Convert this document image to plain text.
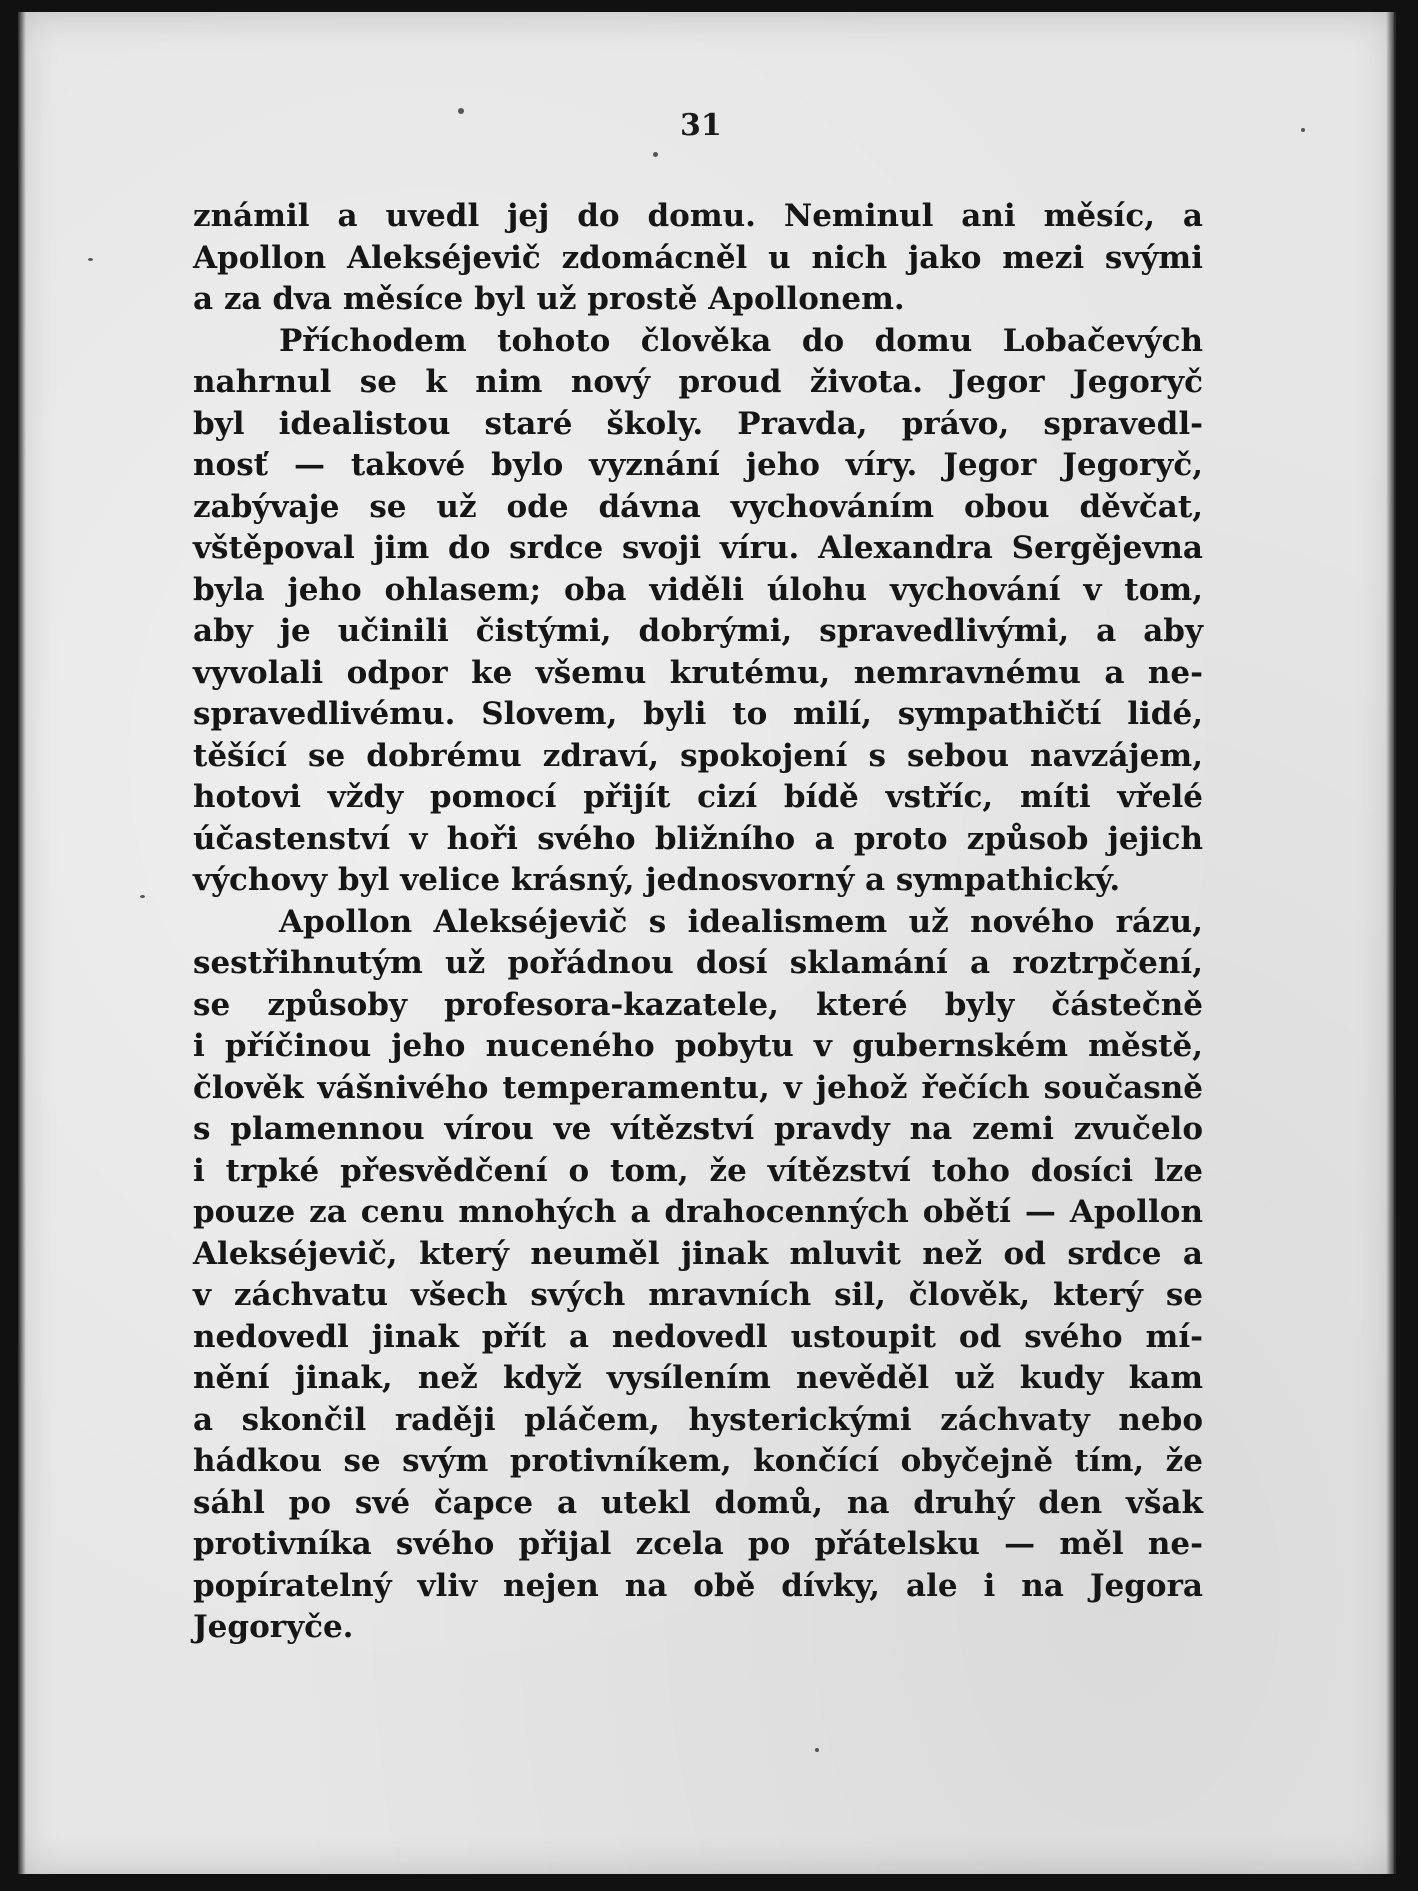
31
známil a uvedl jej do domu. Neminul ani měsíc, a
Apollon Alekséjevič zdomácněl u nich jako mezi svými
a za dva měsíce byl už prostě Apollonem.
Příchodem tohoto člověka do domu Lobačevých
nahrnul se k nim nový proud života. Jegor Jegoryč
byl idealistou staré školy. Pravda, právo, spravedl-
nosť — takové bylo vyznání jeho víry. Jegor Jegoryč,
zabývaje se už ode dávna vychováním obou děvčat,
vštěpoval jim do srdce svoji víru. Alexandra Sergějevna
byla jeho ohlasem; oba viděli úlohu vychování v tom,
aby je učinili čistými, dobrými, spravedlivými, a aby
vyvolali odpor ke všemu krutému, nemravnému a ne-
spravedlivému. Slovem, byli to milí, sympathičtí lidé,
těšící se dobrému zdraví, spokojení s sebou navzájem,
hotovi vždy pomocí přijít cizí bídě vstříc, míti vřelé
účastenství v hoři svého bližního a proto způsob jejich
výchovy byl velice krásný, jednosvorný a sympathický.
Apollon Alekséjevič s idealismem už nového rázu,
sestřihnutým už pořádnou dosí sklamání a roztrpčení,
se způsoby profesora-kazatele, které byly částečně
i příčinou jeho nuceného pobytu v gubernském městě,
člověk vášnivého temperamentu, v jehož řečích současně
s plamennou vírou ve vítězství pravdy na zemi zvučelo
i trpké přesvědčení o tom, že vítězství toho dosíci lze
pouze za cenu mnohých a drahocenných obětí — Apollon
Alekséjevič, který neuměl jinak mluvit než od srdce a
v záchvatu všech svých mravních sil, člověk, který se
nedovedl jinak přít a nedovedl ustoupit od svého mí-
nění jinak, než když vysílením nevěděl už kudy kam
a skončil raději pláčem, hysterickými záchvaty nebo
hádkou se svým protivníkem, končící obyčejně tím, že
sáhl po své čapce a utekl domů, na druhý den však
protivníka svého přijal zcela po přátelsku — měl ne-
popíratelný vliv nejen na obě dívky, ale i na Jegora
Jegoryče.
